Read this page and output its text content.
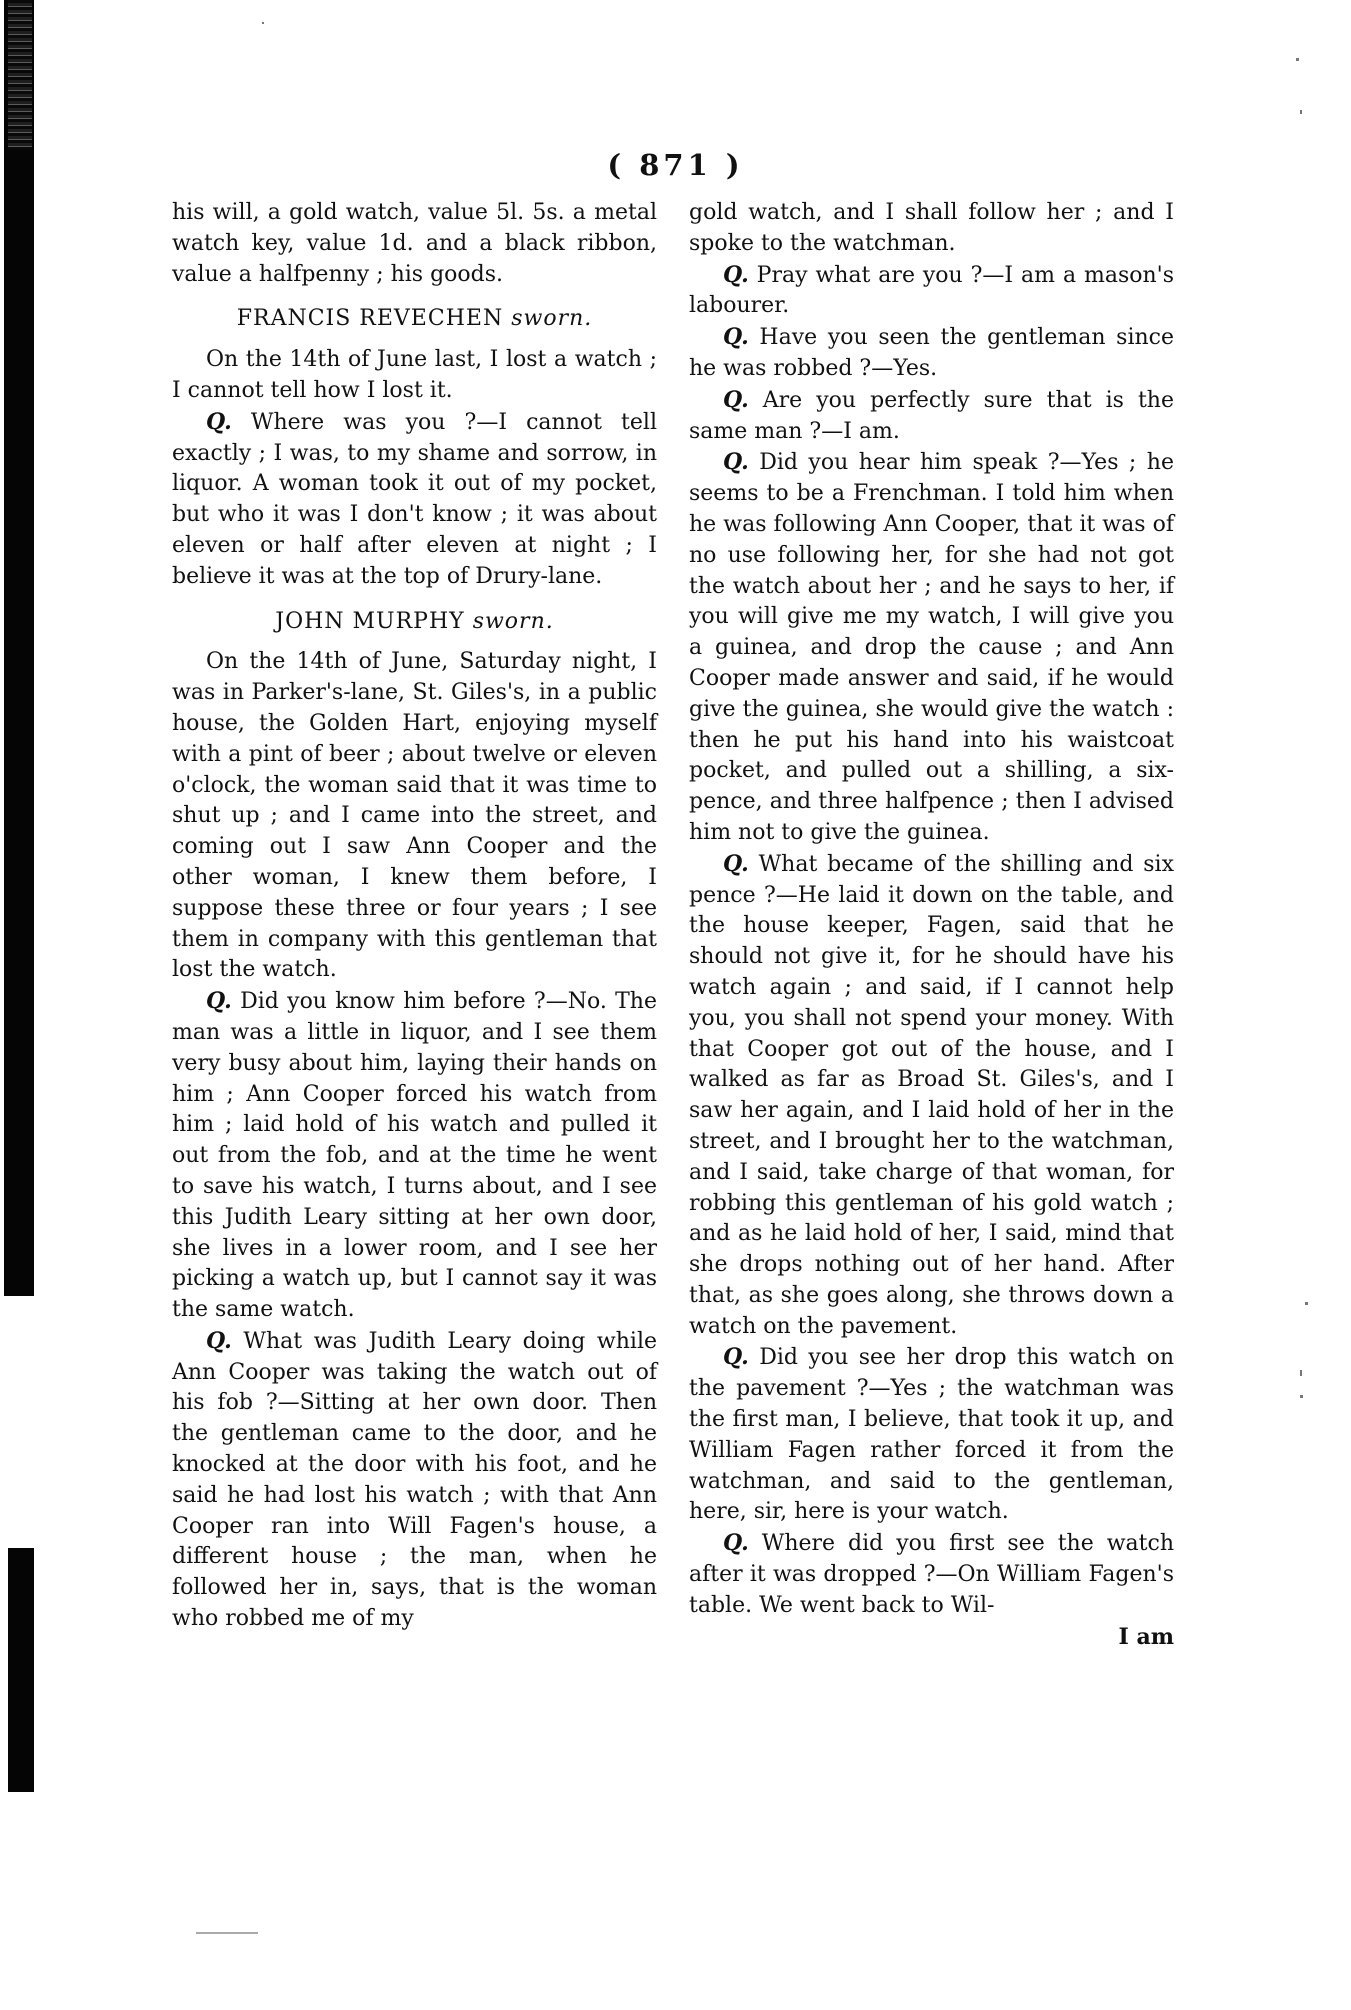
( 871 )

his will, a gold watch, value 5l. 5s. a metal watch key, value 1d. and a black ribbon, value a halfpenny ; his goods.

FRANCIS REVECHEN sworn.

On the 14th of June last, I lost a watch ; I cannot tell how I lost it.

Q. Where was you ?—I cannot tell exactly ; I was, to my shame and sorrow, in liquor. A woman took it out of my pocket, but who it was I don't know ; it was about eleven or half after eleven at night ; I believe it was at the top of Drury-lane.

JOHN MURPHY sworn.

On the 14th of June, Saturday night, I was in Parker's-lane, St. Giles's, in a public house, the Golden Hart, enjoying myself with a pint of beer ; about twelve or eleven o'clock, the woman said that it was time to shut up ; and I came into the street, and coming out I saw Ann Cooper and the other woman, I knew them before, I suppose these three or four years ; I see them in company with this gentleman that lost the watch.

Q. Did you know him before ?—No. The man was a little in liquor, and I see them very busy about him, laying their hands on him ; Ann Cooper forced his watch from him ; laid hold of his watch and pulled it out from the fob, and at the time he went to save his watch, I turns about, and I see this Judith Leary sitting at her own door, she lives in a lower room, and I see her picking a watch up, but I cannot say it was the same watch.

Q. What was Judith Leary doing while Ann Cooper was taking the watch out of his fob ?—Sitting at her own door. Then the gentleman came to the door, and he knocked at the door with his foot, and he said he had lost his watch ; with that Ann Cooper ran into Will Fagen's house, a different house ; the man, when he followed her in, says, that is the woman who robbed me of my

gold watch, and I shall follow her ; and I spoke to the watchman.

Q. Pray what are you ?—I am a mason's labourer.

Q. Have you seen the gentleman since he was robbed ?—Yes.

Q. Are you perfectly sure that is the same man ?—I am.

Q. Did you hear him speak ?—Yes ; he seems to be a Frenchman. I told him when he was following Ann Cooper, that it was of no use following her, for she had not got the watch about her ; and he says to her, if you will give me my watch, I will give you a guinea, and drop the cause ; and Ann Cooper made answer and said, if he would give the guinea, she would give the watch : then he put his hand into his waistcoat pocket, and pulled out a shilling, a six-pence, and three halfpence ; then I advised him not to give the guinea.

Q. What became of the shilling and six pence ?—He laid it down on the table, and the house keeper, Fagen, said that he should not give it, for he should have his watch again ; and said, if I cannot help you, you shall not spend your money. With that Cooper got out of the house, and I walked as far as Broad St. Giles's, and I saw her again, and I laid hold of her in the street, and I brought her to the watchman, and I said, take charge of that woman, for robbing this gentleman of his gold watch ; and as he laid hold of her, I said, mind that she drops nothing out of her hand. After that, as she goes along, she throws down a watch on the pavement.

Q. Did you see her drop this watch on the pavement ?—Yes ; the watchman was the first man, I believe, that took it up, and William Fagen rather forced it from the watchman, and said to the gentleman, here, sir, here is your watch.

Q. Where did you first see the watch after it was dropped ?—On William Fagen's table. We went back to Wil-

I am
